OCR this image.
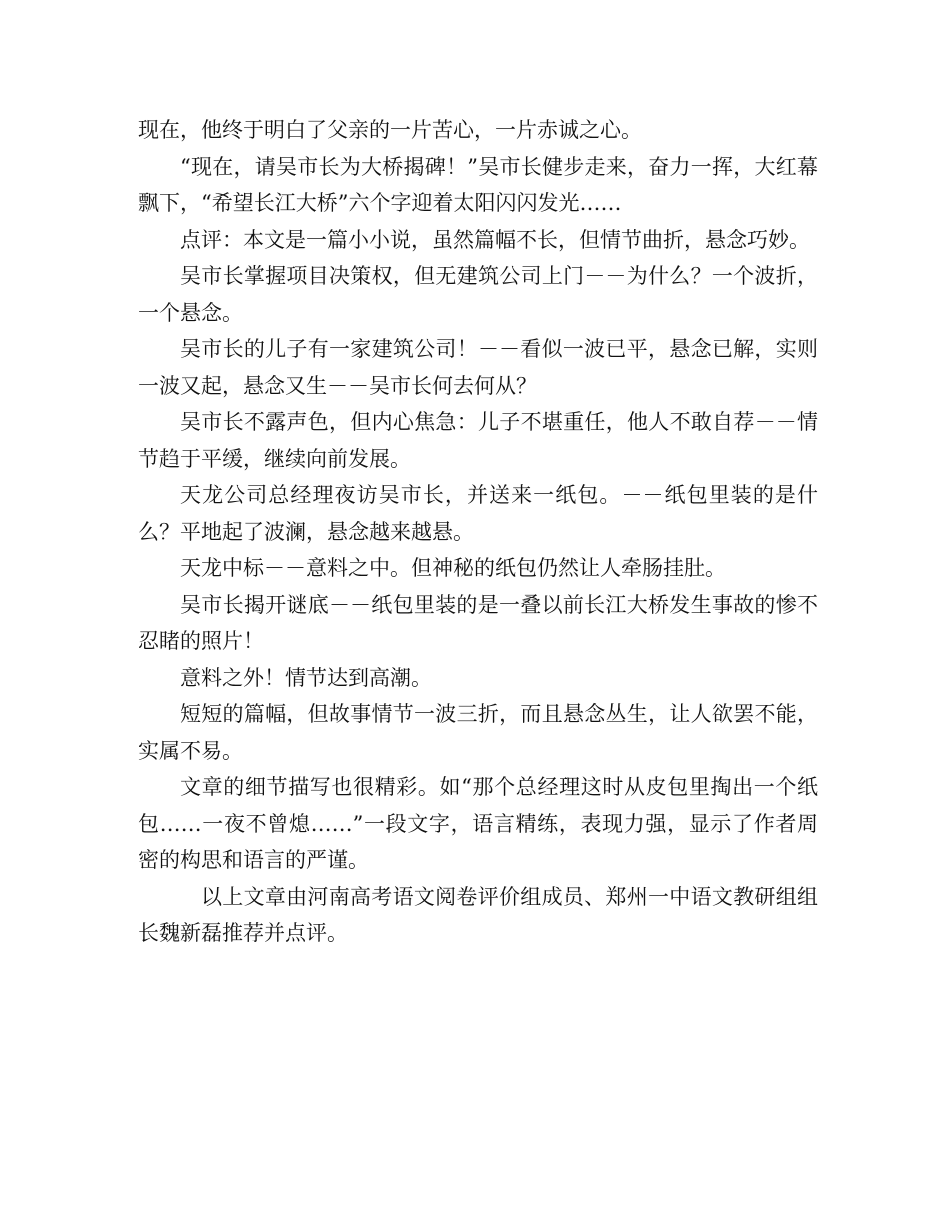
现在，他终于明白了父亲的一片苦心，一片赤诚之心。

“现在，请吴市长为大桥揭碑！”吴市长健步走来，奋力一挥，大红幕飘下，“希望长江大桥”六个字迎着太阳闪闪发光……

点评：本文是一篇小小说，虽然篇幅不长，但情节曲折，悬念巧妙。

吴市长掌握项目决策权，但无建筑公司上门－－为什么？一个波折，一个悬念。

吴市长的儿子有一家建筑公司！－－看似一波已平，悬念已解，实则一波又起，悬念又生－－吴市长何去何从？

吴市长不露声色，但内心焦急：儿子不堪重任，他人不敢自荐－－情节趋于平缓，继续向前发展。

天龙公司总经理夜访吴市长，并送来一纸包。－－纸包里装的是什么？平地起了波澜，悬念越来越悬。

天龙中标－－意料之中。但神秘的纸包仍然让人牵肠挂肚。

吴市长揭开谜底－－纸包里装的是一叠以前长江大桥发生事故的惨不忍睹的照片！

意料之外！情节达到高潮。

短短的篇幅，但故事情节一波三折，而且悬念丛生，让人欲罢不能，实属不易。

文章的细节描写也很精彩。如“那个总经理这时从皮包里掏出一个纸包……一夜不曾熄……”一段文字，语言精练，表现力强，显示了作者周密的构思和语言的严谨。

以上文章由河南高考语文阅卷评价组成员、郑州一中语文教研组组长魏新磊推荐并点评。
